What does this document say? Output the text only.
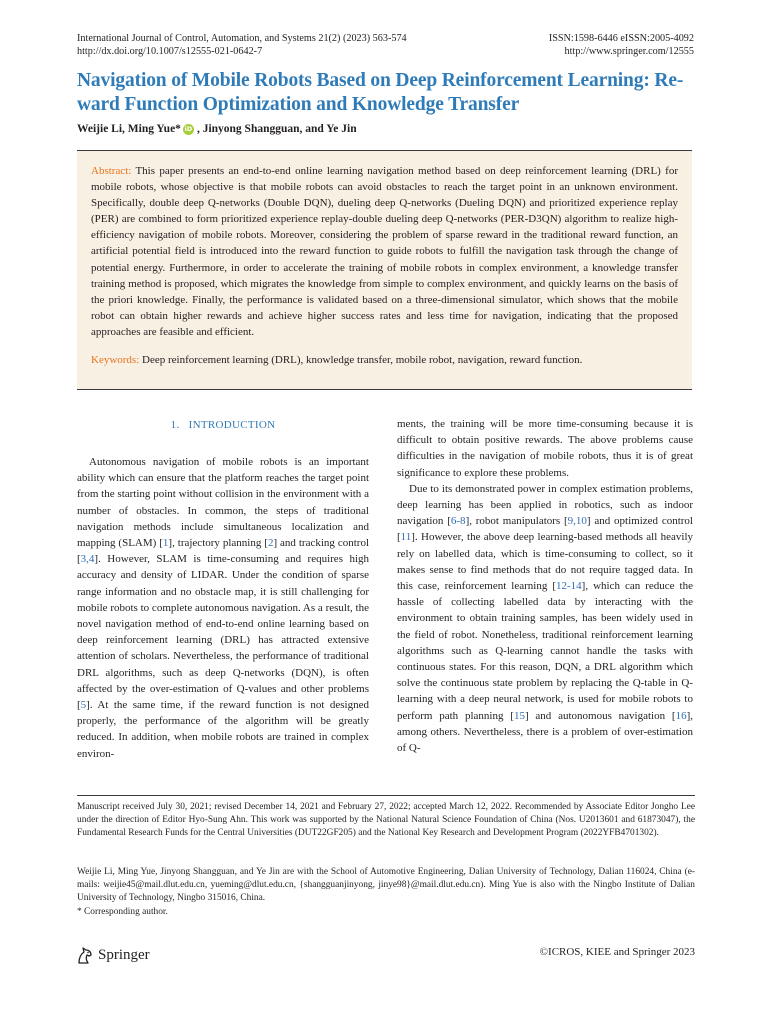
International Journal of Control, Automation, and Systems 21(2) (2023) 563-574
http://dx.doi.org/10.1007/s12555-021-0642-7
ISSN:1598-6446 eISSN:2005-4092
http://www.springer.com/12555
Navigation of Mobile Robots Based on Deep Reinforcement Learning: Re-ward Function Optimization and Knowledge Transfer
Weijie Li, Ming Yue* iD , Jinyong Shangguan, and Ye Jin

Abstract: This paper presents an end-to-end online learning navigation method based on deep reinforcement learning (DRL) for mobile robots, whose objective is that mobile robots can avoid obstacles to reach the target point in an unknown environment. Specifically, double deep Q-networks (Double DQN), dueling deep Q-networks (Dueling DQN) and prioritized experience replay (PER) are combined to form prioritized experience replay-double dueling deep Q-networks (PER-D3QN) algorithm to realize high-efficiency navigation of mobile robots. Moreover, considering the problem of sparse reward in the traditional reward function, an artificial potential field is introduced into the reward function to guide robots to fulfill the navigation task through the change of potential energy. Furthermore, in order to accelerate the training of mobile robots in complex environment, a knowledge transfer training method is proposed, which migrates the knowledge from simple to complex environment, and quickly learns on the basis of the priori knowledge. Finally, the performance is validated based on a three-dimensional simulator, which shows that the mobile robot can obtain higher rewards and achieve higher success rates and less time for navigation, indicating that the proposed approaches are feasible and efficient.

Keywords: Deep reinforcement learning (DRL), knowledge transfer, mobile robot, navigation, reward function.

1. INTRODUCTION

Autonomous navigation of mobile robots is an important ability which can ensure that the platform reaches the target point from the starting point without collision in the environment with a number of obstacles. In common, the steps of traditional navigation methods include simultaneous localization and mapping (SLAM) [1], trajectory planning [2] and tracking control [3,4]. However, SLAM is time-consuming and requires high accuracy and density of LIDAR. Under the condition of sparse range information and no obstacle map, it is still challenging for mobile robots to complete autonomous navigation. As a result, the novel navigation method of end-to-end online learning based on deep reinforcement learning (DRL) has attracted extensive attention of scholars. Nevertheless, the performance of traditional DRL algorithms, such as deep Q-networks (DQN), is often affected by the over-estimation of Q-values and other problems [5]. At the same time, if the reward function is not designed properly, the performance of the algorithm will be greatly reduced. In addition, when mobile robots are trained in complex environ-

ments, the training will be more time-consuming because it is difficult to obtain positive rewards. The above problems cause difficulties in the navigation of mobile robots, thus it is of great significance to explore these problems.

Due to its demonstrated power in complex estimation problems, deep learning has been applied in robotics, such as indoor navigation [6-8], robot manipulators [9,10] and optimized control [11]. However, the above deep learning-based methods all heavily rely on labelled data, which is time-consuming to collect, so it makes sense to find methods that do not require tagged data. In this case, reinforcement learning [12-14], which can reduce the hassle of collecting labelled data by interacting with the environment to obtain training samples, has been widely used in the field of robot. Nonetheless, traditional reinforcement learning algorithms such as Q-learning cannot handle the tasks with continuous states. For this reason, DQN, a DRL algorithm which solve the continuous state problem by replacing the Q-table in Q-learning with a deep neural network, is used for mobile robots to perform path planning [15] and autonomous navigation [16], among others. Nevertheless, there is a problem of over-estimation of Q-

Manuscript received July 30, 2021; revised December 14, 2021 and February 27, 2022; accepted March 12, 2022. Recommended by Associate Editor Jongho Lee under the direction of Editor Hyo-Sung Ahn. This work was supported by the National Natural Science Foundation of China (Nos. U2013601 and 61873047), the Fundamental Research Funds for the Central Universities (DUT22GF205) and the National Key Research and Development Program (2022YFB4701302).

Weijie Li, Ming Yue, Jinyong Shangguan, and Ye Jin are with the School of Automotive Engineering, Dalian University of Technology, Dalian 116024, China (e-mails: weijie45@mail.dlut.edu.cn, yueming@dlut.edu.cn, {shangguanjinyong, jinye98}@mail.dlut.edu.cn). Ming Yue is also with the Ningbo Institute of Dalian University of Technology, Ningbo 315016, China.

* Corresponding author.

Springer	©ICROS, KIEE and Springer 2023
